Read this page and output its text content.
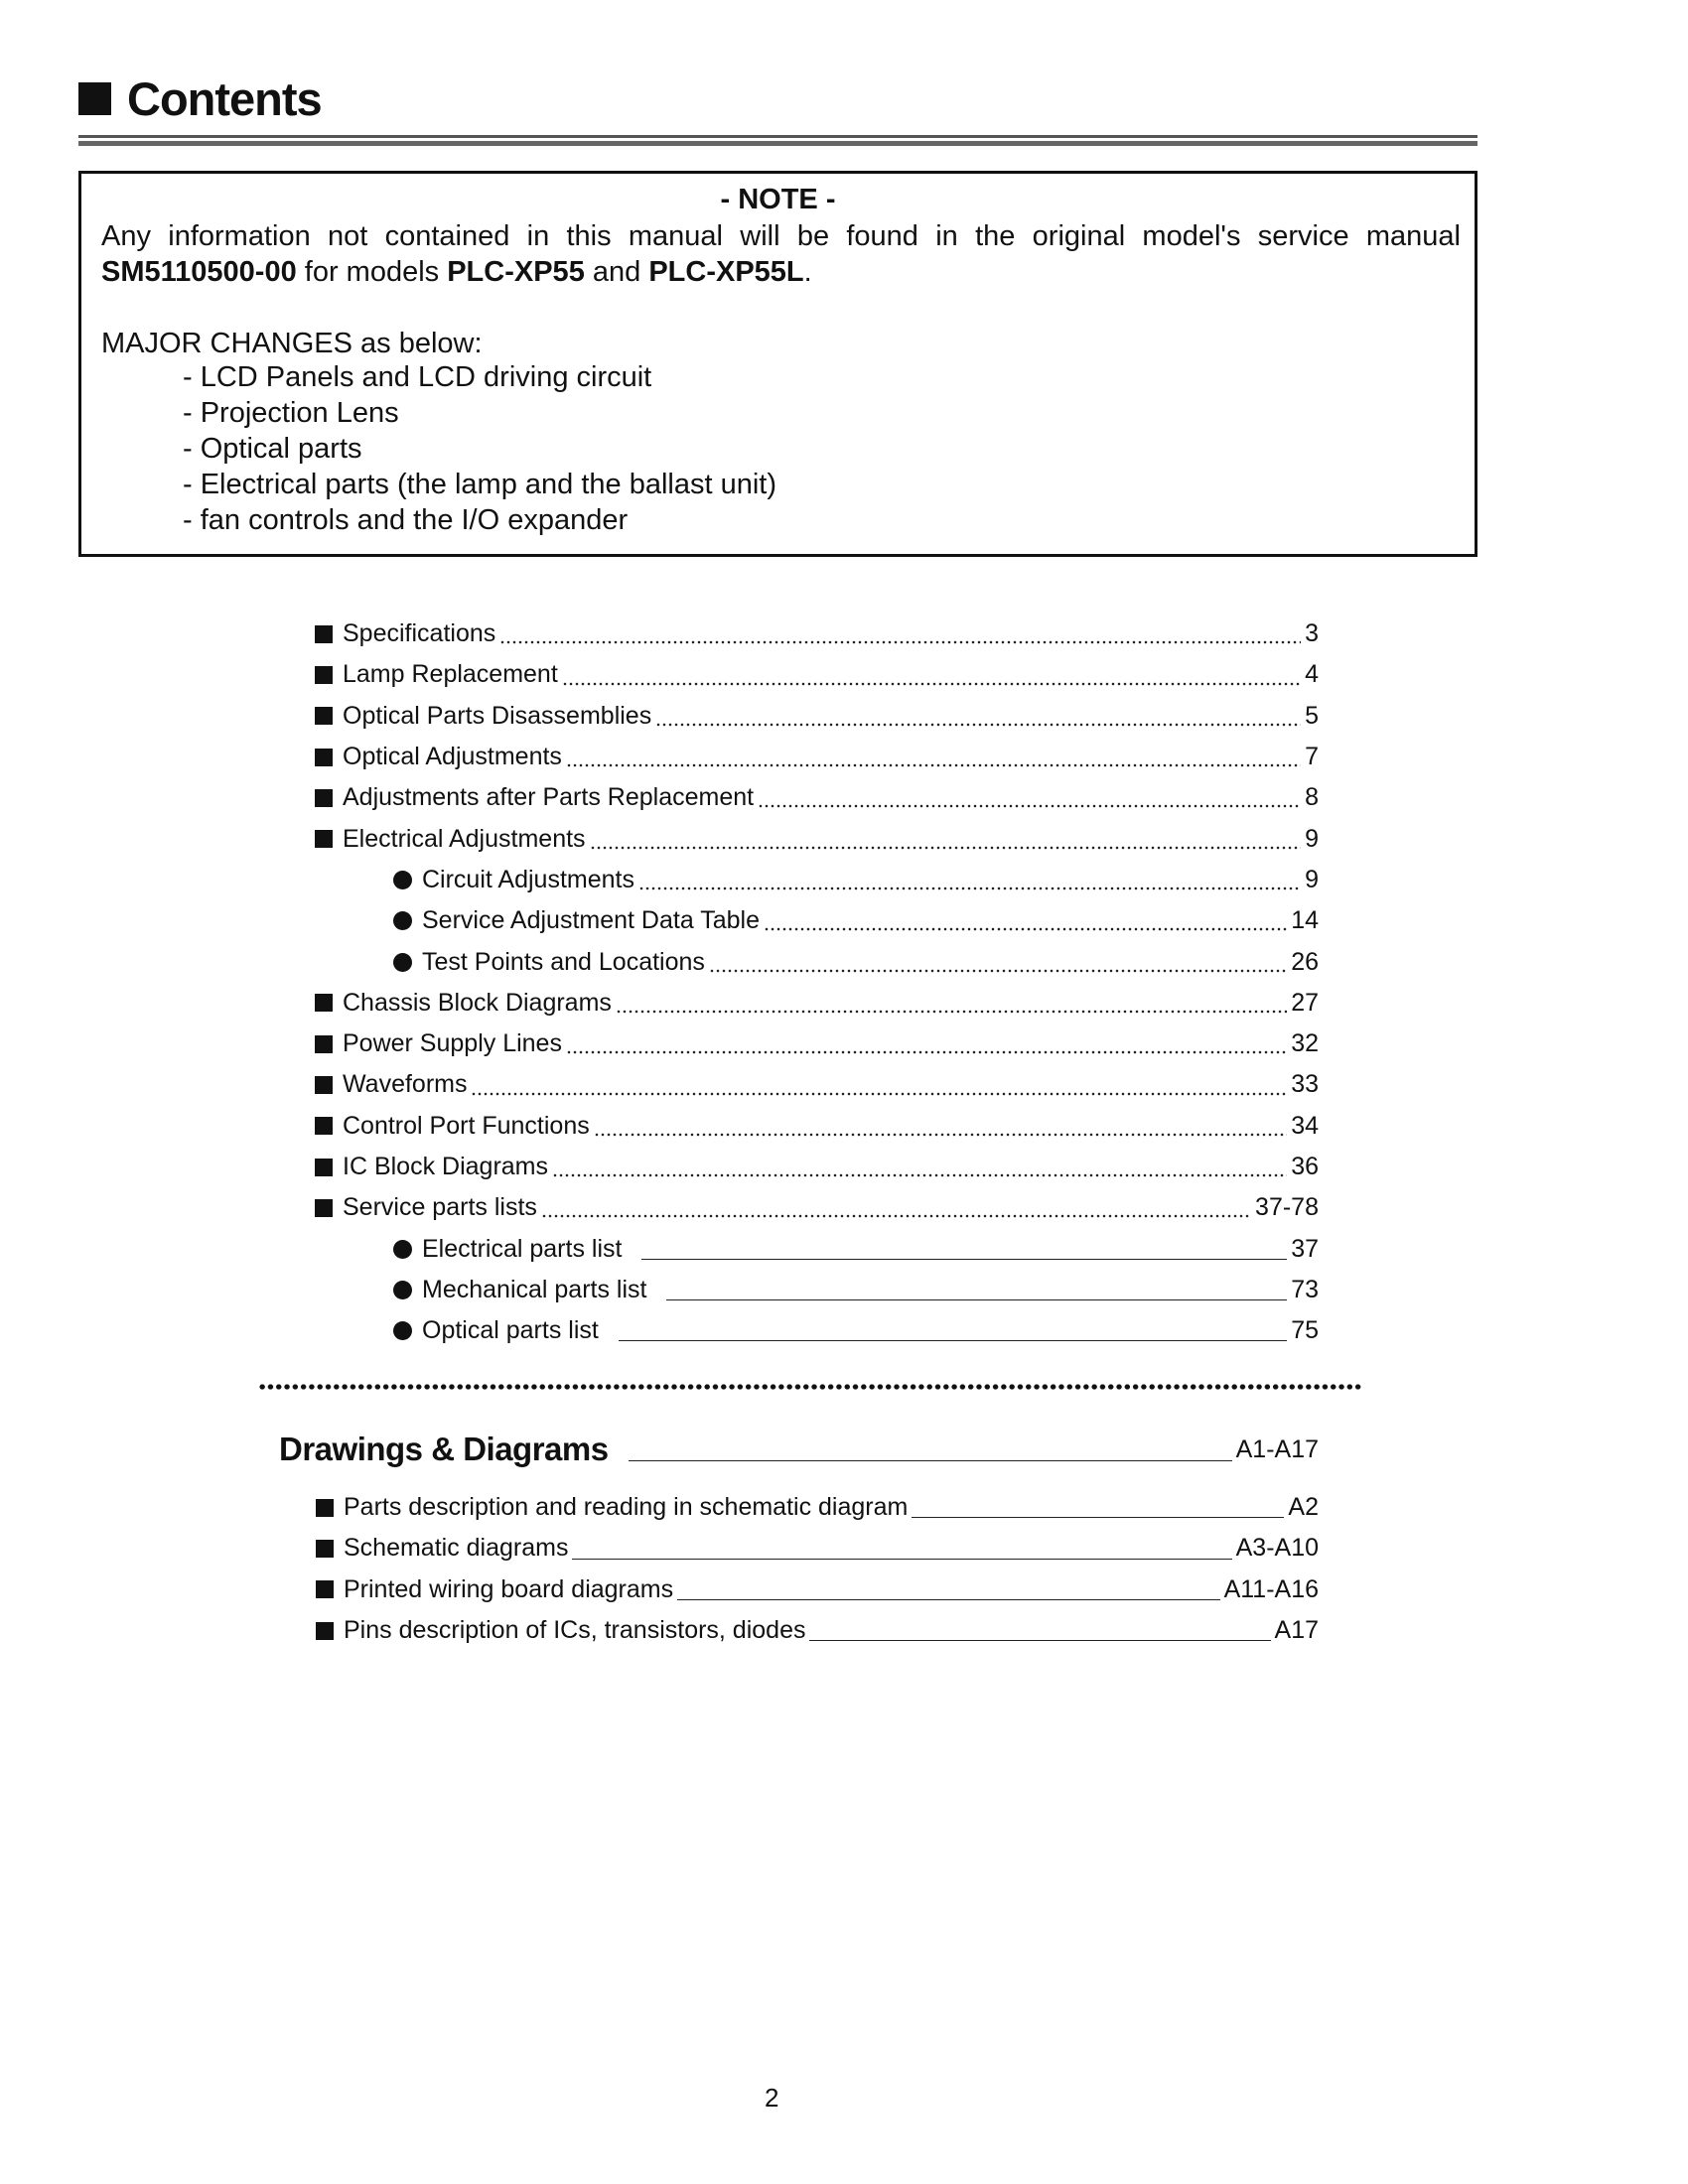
Contents
- NOTE -
Any information not contained in this manual will be found in the original model's service manual
SM5110500-00 for models PLC-XP55 and PLC-XP55L.
MAJOR CHANGES as below:
- LCD Panels and LCD driving circuit
- Projection Lens
- Optical parts
- Electrical parts (the lamp and the ballast unit)
- fan controls and the I/O expander
Specifications	3
Lamp Replacement	4
Optical Parts Disassemblies	5
Optical Adjustments	7
Adjustments after Parts Replacement	8
Electrical Adjustments	9
Circuit Adjustments	9
Service Adjustment Data Table	14
Test Points and Locations	26
Chassis Block Diagrams	27
Power Supply Lines	32
Waveforms	33
Control Port Functions	34
IC Block Diagrams	36
Service parts lists	37-78
Electrical parts list	37
Mechanical parts list	73
Optical parts list	75
Drawings & Diagrams	A1-A17
Parts description and reading in schematic diagram	A2
Schematic diagrams	A3-A10
Printed wiring board diagrams	A11-A16
Pins description of ICs, transistors, diodes	A17
2
